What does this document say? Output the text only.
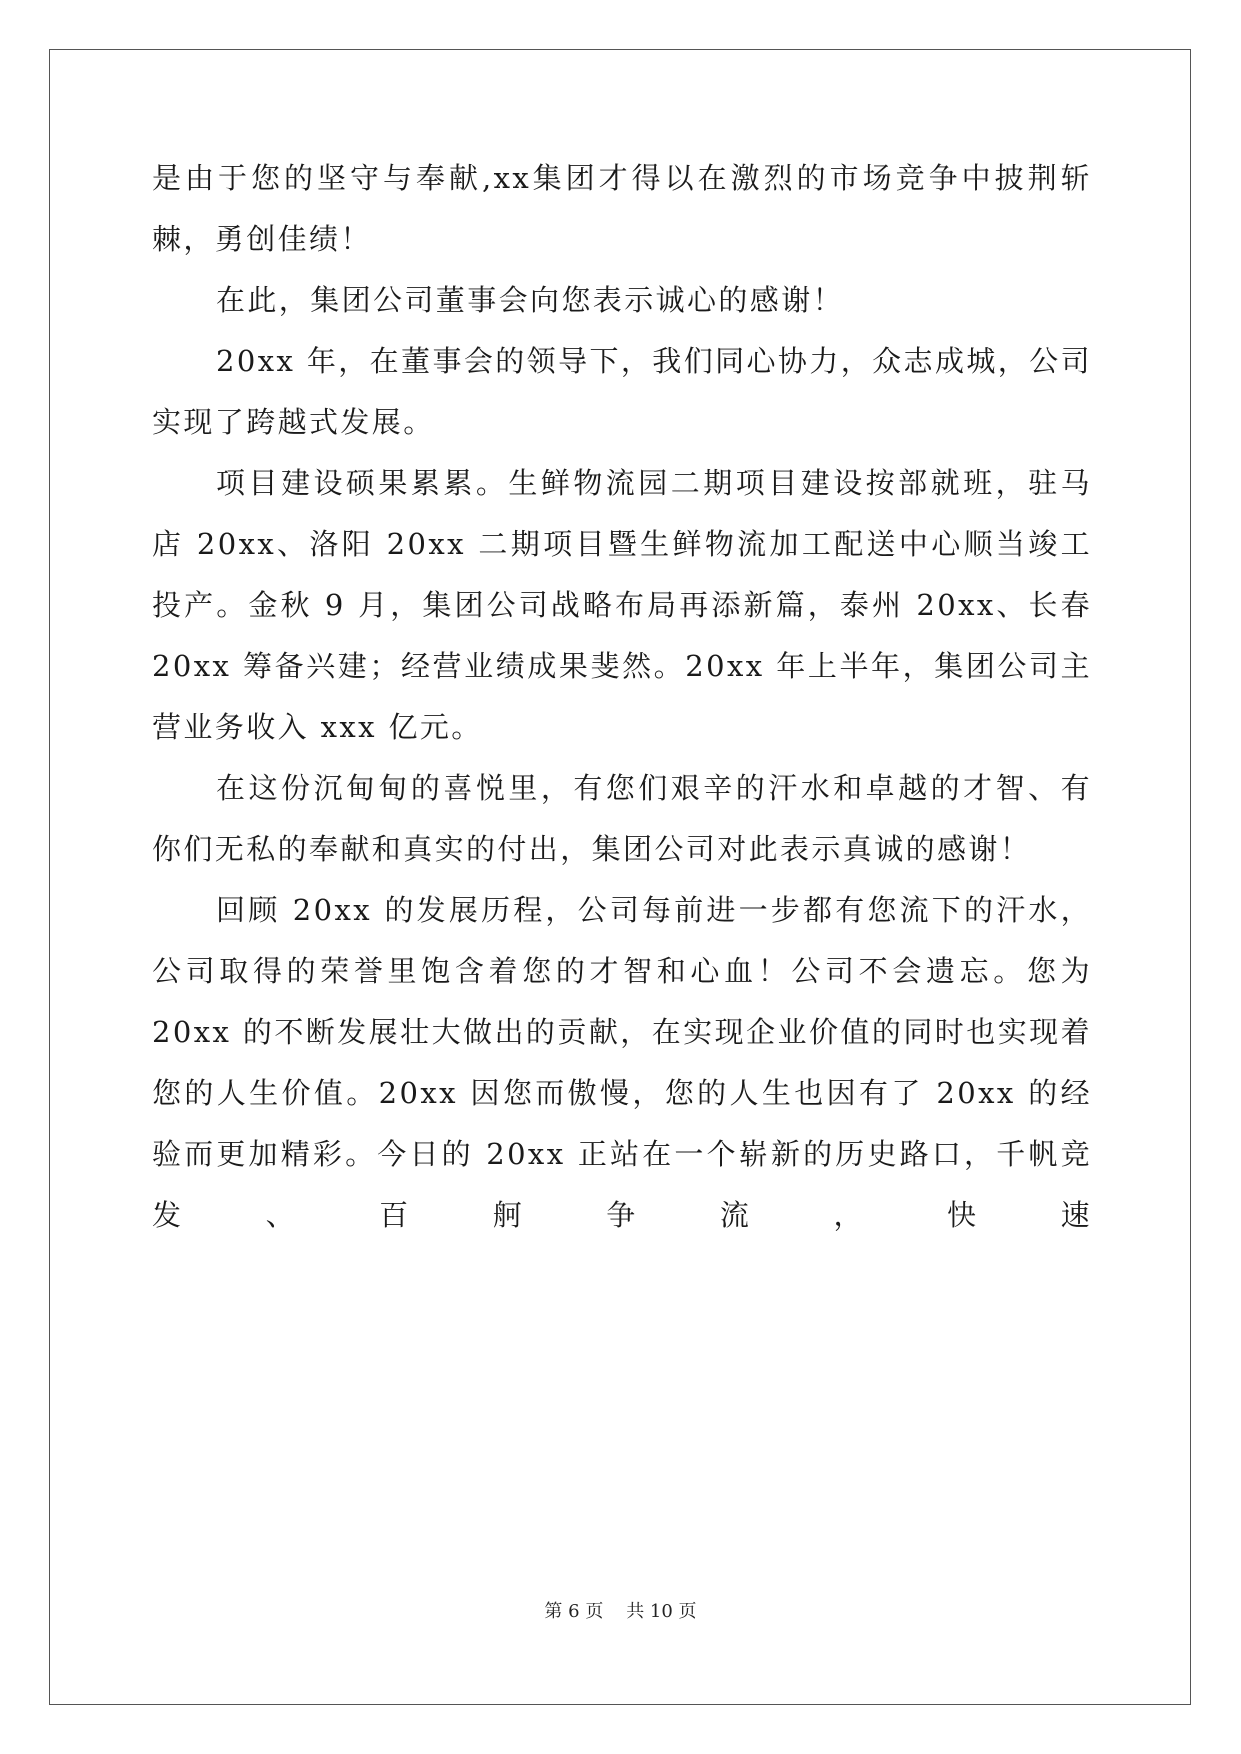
是由于您的坚守与奉献,xx集团才得以在激烈的市场竞争中披荆斩棘，勇创佳绩！

在此，集团公司董事会向您表示诚心的感谢！

20xx 年，在董事会的领导下，我们同心协力，众志成城，公司实现了跨越式发展。

项目建设硕果累累。生鲜物流园二期项目建设按部就班，驻马店 20xx、洛阳 20xx 二期项目暨生鲜物流加工配送中心顺当竣工投产。金秋 9 月，集团公司战略布局再添新篇，泰州 20xx、长春 20xx 筹备兴建；经营业绩成果斐然。20xx 年上半年，集团公司主营业务收入 xxx 亿元。

在这份沉甸甸的喜悦里，有您们艰辛的汗水和卓越的才智、有你们无私的奉献和真实的付出，集团公司对此表示真诚的感谢！

回顾 20xx 的发展历程，公司每前进一步都有您流下的汗水，公司取得的荣誉里饱含着您的才智和心血！公司不会遗忘。您为 20xx 的不断发展壮大做出的贡献，在实现企业价值的同时也实现着您的人生价值。20xx 因您而傲慢，您的人生也因有了 20xx 的经验而更加精彩。今日的 20xx 正站在一个崭新的历史路口，千帆竞发、百舸争流，快速

第 6 页    共 10 页
